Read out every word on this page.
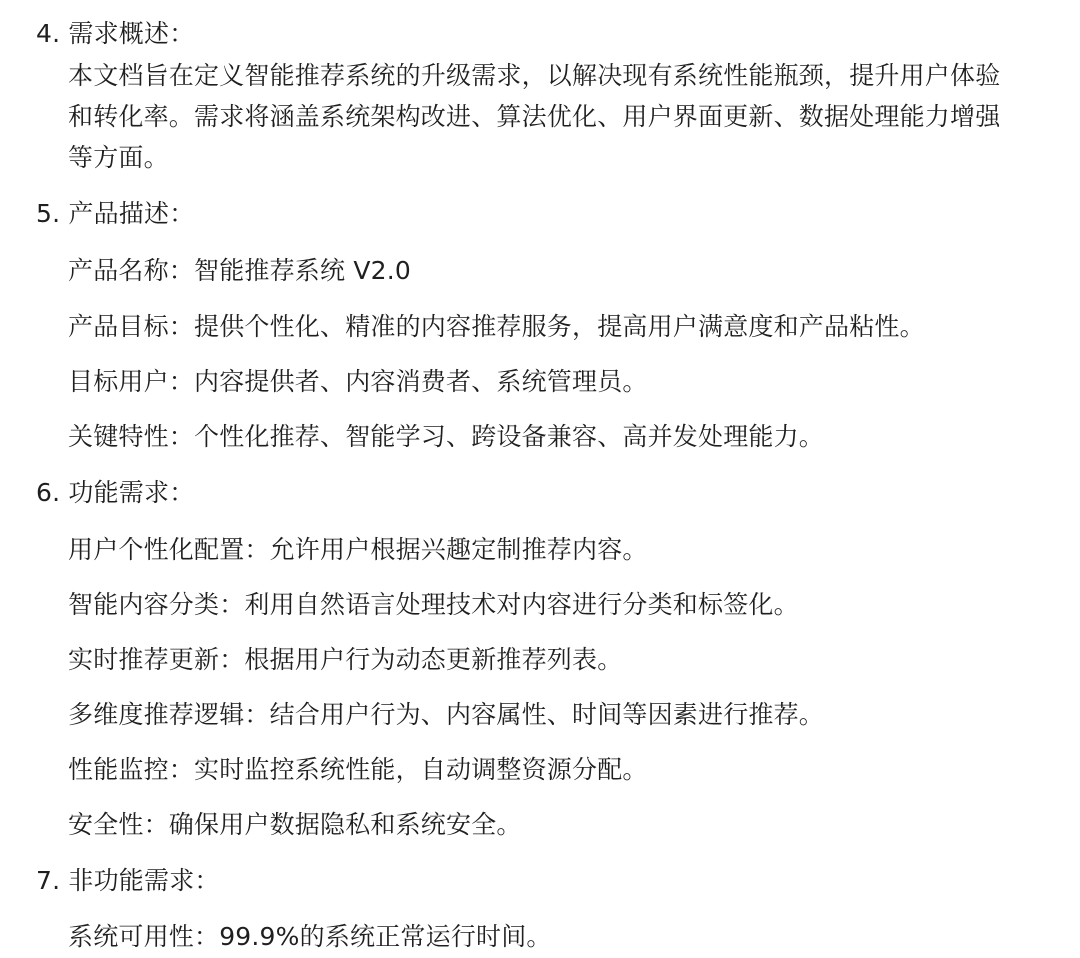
4. 需求概述：
本文档旨在定义智能推荐系统的升级需求，以解决现有系统性能瓶颈，提升用户体验
和转化率。需求将涵盖系统架构改进、算法优化、用户界面更新、数据处理能力增强
等方面。
5. 产品描述：
产品名称：智能推荐系统 V2.0
产品目标：提供个性化、精准的内容推荐服务，提高用户满意度和产品粘性。
目标用户：内容提供者、内容消费者、系统管理员。
关键特性：个性化推荐、智能学习、跨设备兼容、高并发处理能力。
6. 功能需求：
用户个性化配置：允许用户根据兴趣定制推荐内容。
智能内容分类：利用自然语言处理技术对内容进行分类和标签化。
实时推荐更新：根据用户行为动态更新推荐列表。
多维度推荐逻辑：结合用户行为、内容属性、时间等因素进行推荐。
性能监控：实时监控系统性能，自动调整资源分配。
安全性：确保用户数据隐私和系统安全。
7. 非功能需求：
系统可用性：99.9%的系统正常运行时间。
